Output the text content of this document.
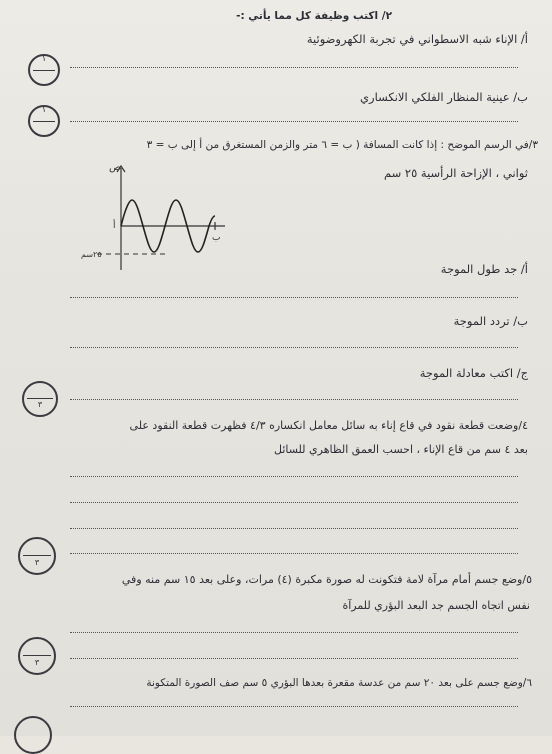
٢/ اكتب وظيفة كل مما يأتي :-
أ/ الإناء شبه الاسطواني في تجربة الكهروضوئية
ب/ عينية المنظار الفلكي الانكساري
٣/في الرسم الموضح : إذا كانت المسافة ( ب = ٦ متر والزمن المستغرق من أ إلى ب = ٣
ثواني ، الإزاحة الرأسية ٢٥ سم
ص
٢٥سم
أ
ب
أ/ جد طول الموجة
ب/ تردد الموجة
ج/ اكتب معادلة الموجة
٤/وضعت قطعة نقود في قاع إناء به سائل معامل انكساره ٤/٣ فظهرت قطعة النقود على
بعد ٤ سم من قاع الإناء ، احسب العمق الظاهري للسائل
٥/وضع جسم أمام مرآة لامة فتكونت له صورة مكبرة (٤) مرات، وعلى بعد ١٥ سم منه وفي
نفس اتجاه الجسم جد البعد البؤري للمرآة
٦/وضع جسم على بعد ٢٠ سم من عدسة مقعرة بعدها البؤري ٥ سم صف الصورة المتكونة
١
١
٣
٣
٣
